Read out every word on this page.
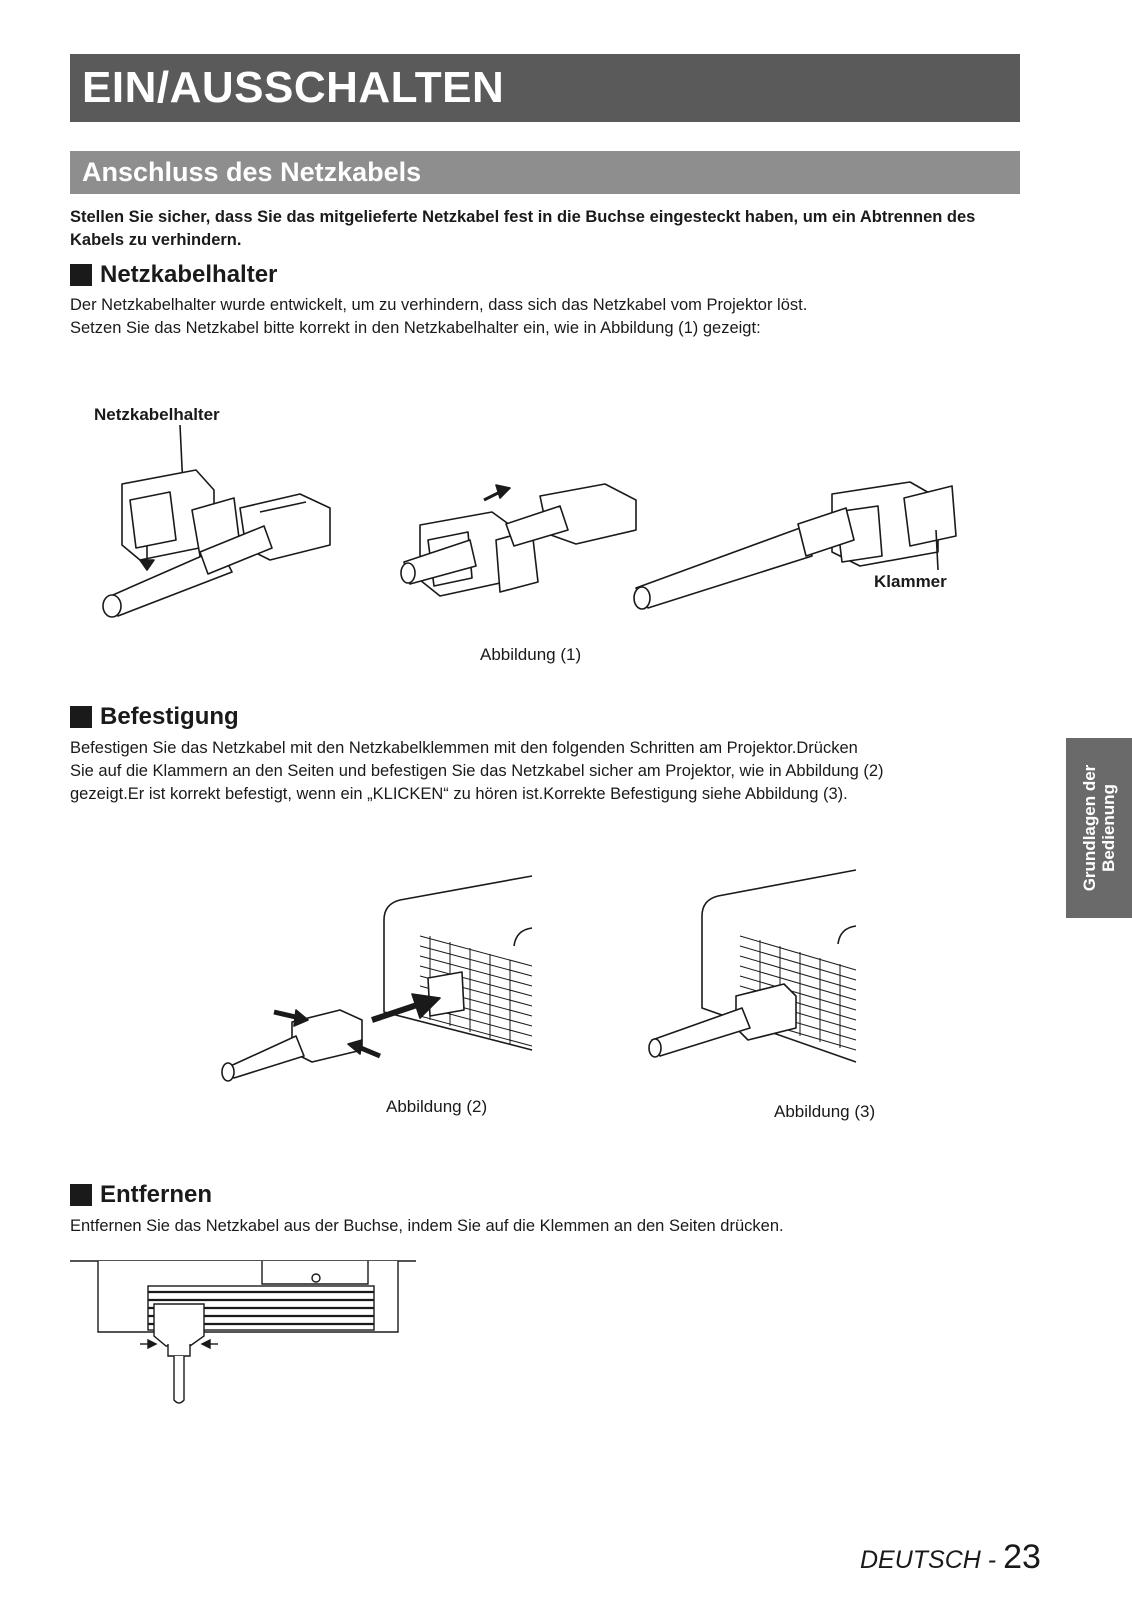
EIN/AUSSCHALTEN
Anschluss des Netzkabels
Stellen Sie sicher, dass Sie das mitgelieferte Netzkabel fest in die Buchse eingesteckt haben, um ein Abtrennen des Kabels zu verhindern.
Netzkabelhalter
Der Netzkabelhalter wurde entwickelt, um zu verhindern, dass sich das Netzkabel vom Projektor löst.
Setzen Sie das Netzkabel bitte korrekt in den Netzkabelhalter ein, wie in Abbildung (1) gezeigt:
Netzkabelhalter
Klammer
Abbildung (1)
Befestigung
Befestigen Sie das Netzkabel mit den Netzkabelklemmen mit den folgenden Schritten am Projektor.Drücken
Sie auf die Klammern an den Seiten und befestigen Sie das Netzkabel sicher am Projektor, wie in Abbildung (2)
gezeigt.Er ist korrekt befestigt, wenn ein „KLICKEN“ zu hören ist.Korrekte Befestigung siehe Abbildung (3).
Abbildung (2)	Abbildung (3)
Entfernen
Entfernen Sie das Netzkabel aus der Buchse, indem Sie auf die Klemmen an den Seiten drücken.
Grundlagen der Bedienung
DEUTSCH - 23
